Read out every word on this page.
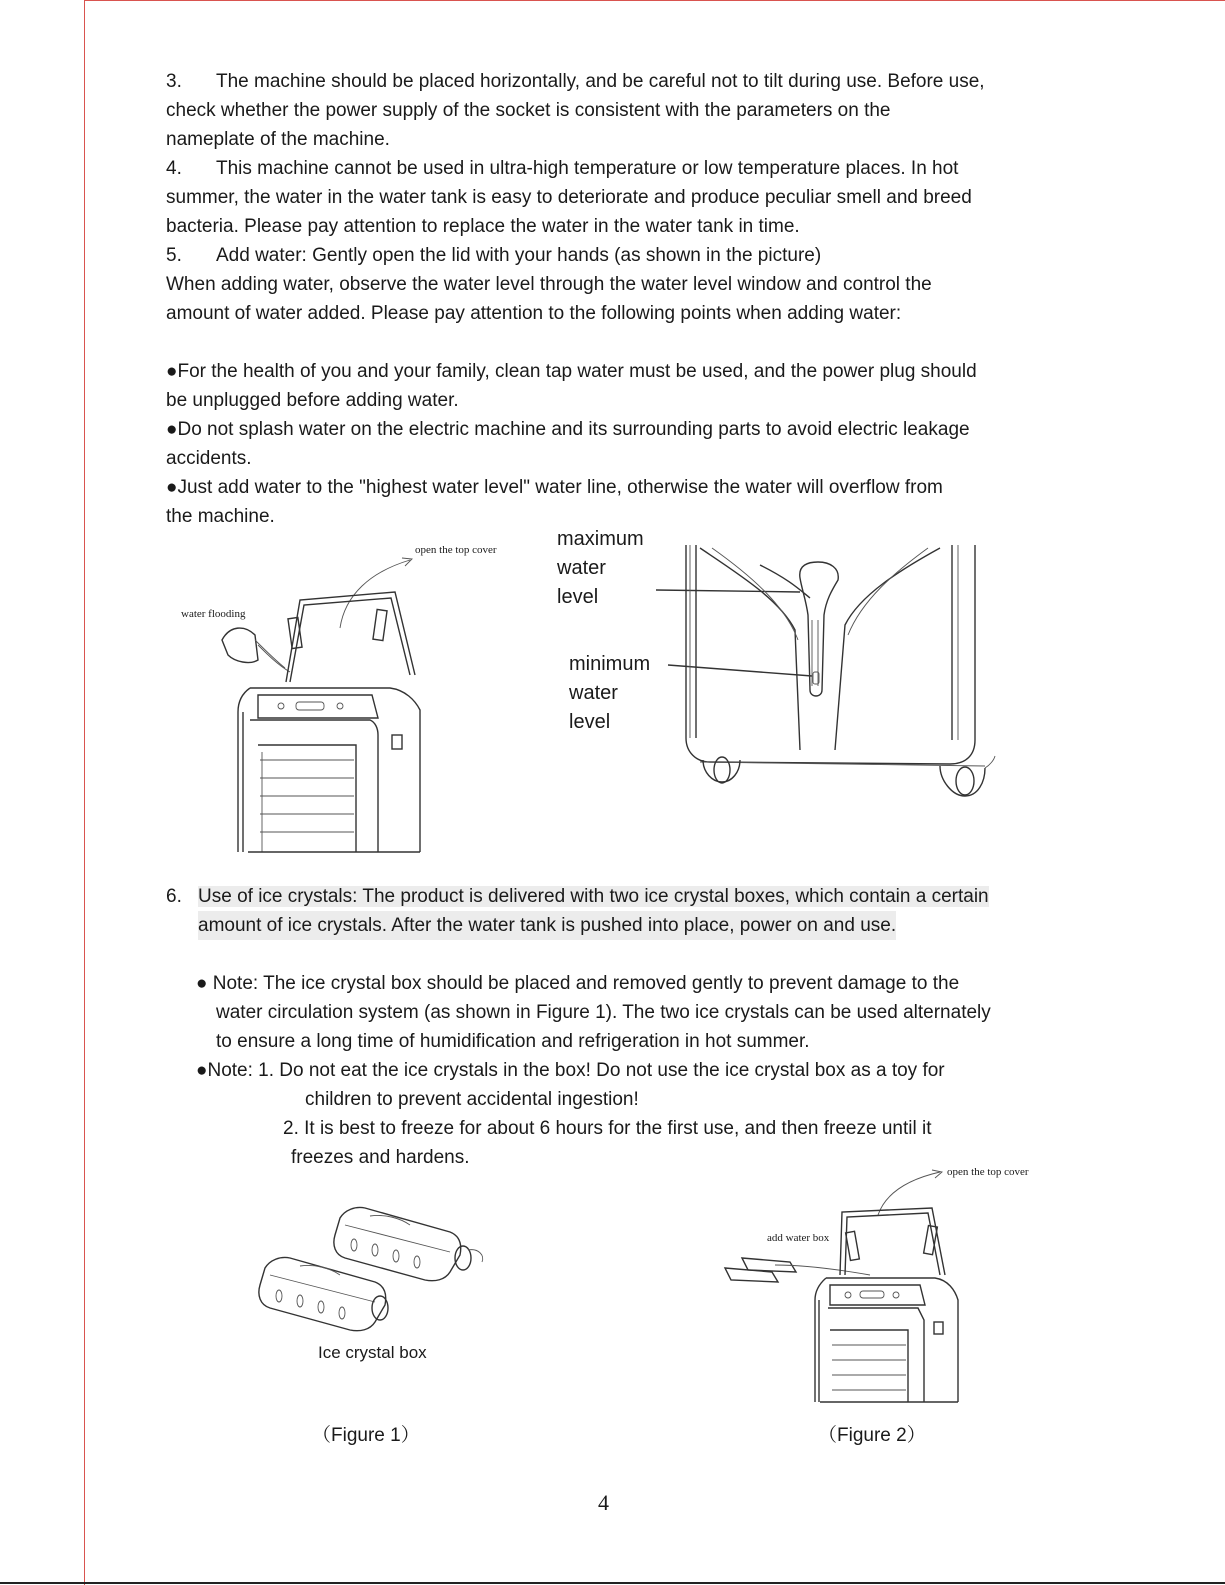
3. The machine should be placed horizontally, and be careful not to tilt during use. Before use,
check whether the power supply of the socket is consistent with the parameters on the
nameplate of the machine.
4. This machine cannot be used in ultra-high temperature or low temperature places. In hot
summer, the water in the water tank is easy to deteriorate and produce peculiar smell and breed
bacteria. Please pay attention to replace the water in the water tank in time.
5. Add water: Gently open the lid with your hands (as shown in the picture)
When adding water, observe the water level through the water level window and control the
amount of water added. Please pay attention to the following points when adding water:
●For the health of you and your family, clean tap water must be used, and the power plug should
be unplugged before adding water.
●Do not splash water on the electric machine and its surrounding parts to avoid electric leakage
accidents.
●Just add water to the "highest water level" water line, otherwise the water will overflow from
the machine.
open the top cover
water flooding
maximum
water
level
minimum
water
level
6. Use of ice crystals: The product is delivered with two ice crystal boxes, which contain a certain
amount of ice crystals. After the water tank is pushed into place, power on and use.
● Note: The ice crystal box should be placed and removed gently to prevent damage to the
water circulation system (as shown in Figure 1). The two ice crystals can be used alternately
to ensure a long time of humidification and refrigeration in hot summer.
●Note: 1. Do not eat the ice crystals in the box! Do not use the ice crystal box as a toy for
children to prevent accidental ingestion!
2. It is best to freeze for about 6 hours for the first use, and then freeze until it
freezes and hardens.
Ice crystal box
（Figure 1）
open the top cover
add water box
（Figure 2）
4
